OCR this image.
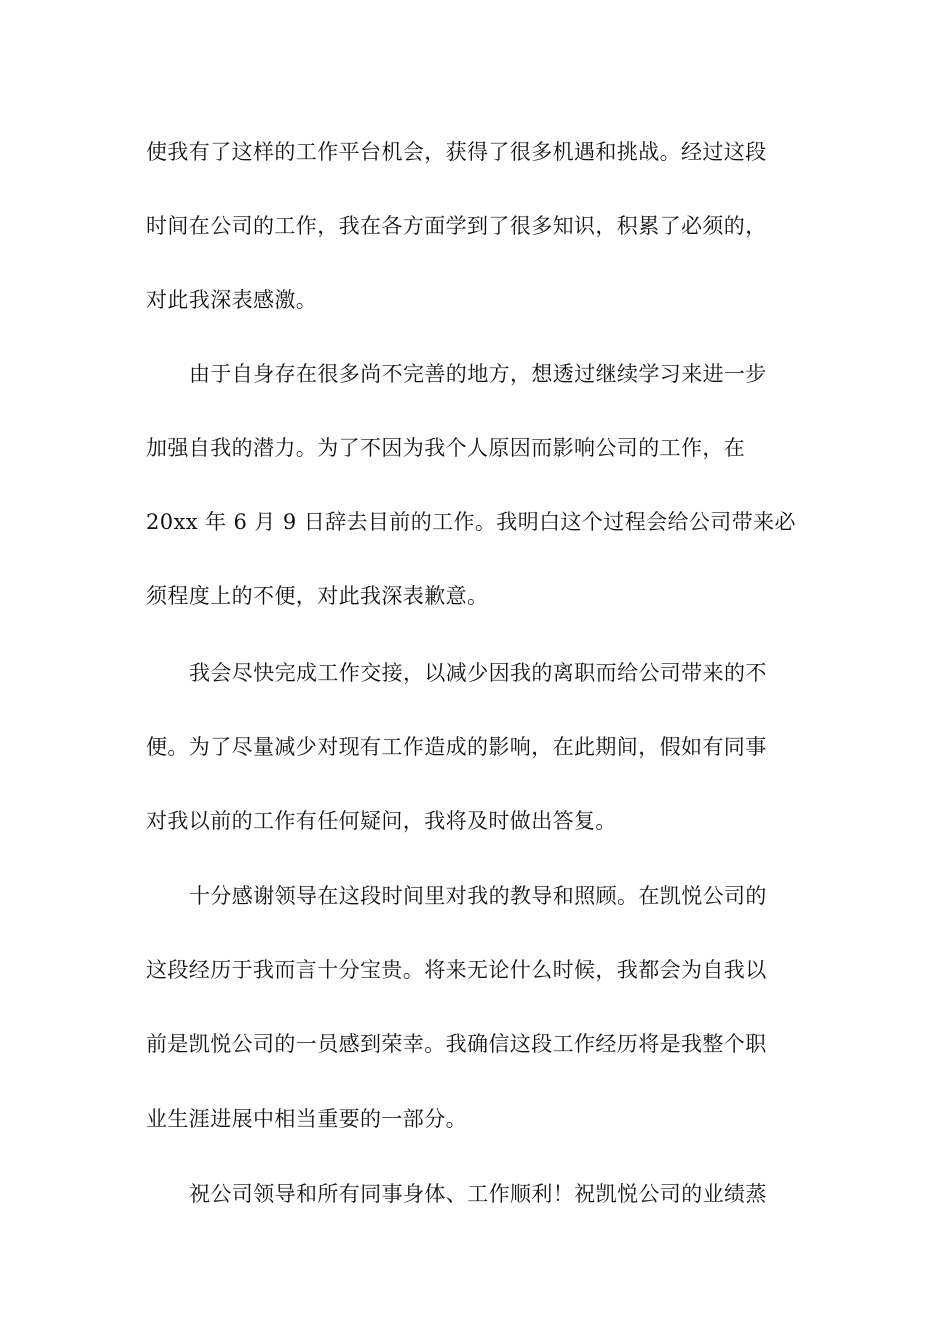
使我有了这样的工作平台机会，获得了很多机遇和挑战。经过这段
时间在公司的工作，我在各方面学到了很多知识，积累了必须的，
对此我深表感激。
由于自身存在很多尚不完善的地方，想透过继续学习来进一步
加强自我的潜力。为了不因为我个人原因而影响公司的工作，在
20xx 年 6 月 9 日辞去目前的工作。我明白这个过程会给公司带来必
须程度上的不便，对此我深表歉意。
我会尽快完成工作交接，以减少因我的离职而给公司带来的不
便。为了尽量减少对现有工作造成的影响，在此期间，假如有同事
对我以前的工作有任何疑问，我将及时做出答复。
十分感谢领导在这段时间里对我的教导和照顾。在凯悦公司的
这段经历于我而言十分宝贵。将来无论什么时候，我都会为自我以
前是凯悦公司的一员感到荣幸。我确信这段工作经历将是我整个职
业生涯进展中相当重要的一部分。
祝公司领导和所有同事身体、工作顺利！祝凯悦公司的业绩蒸
